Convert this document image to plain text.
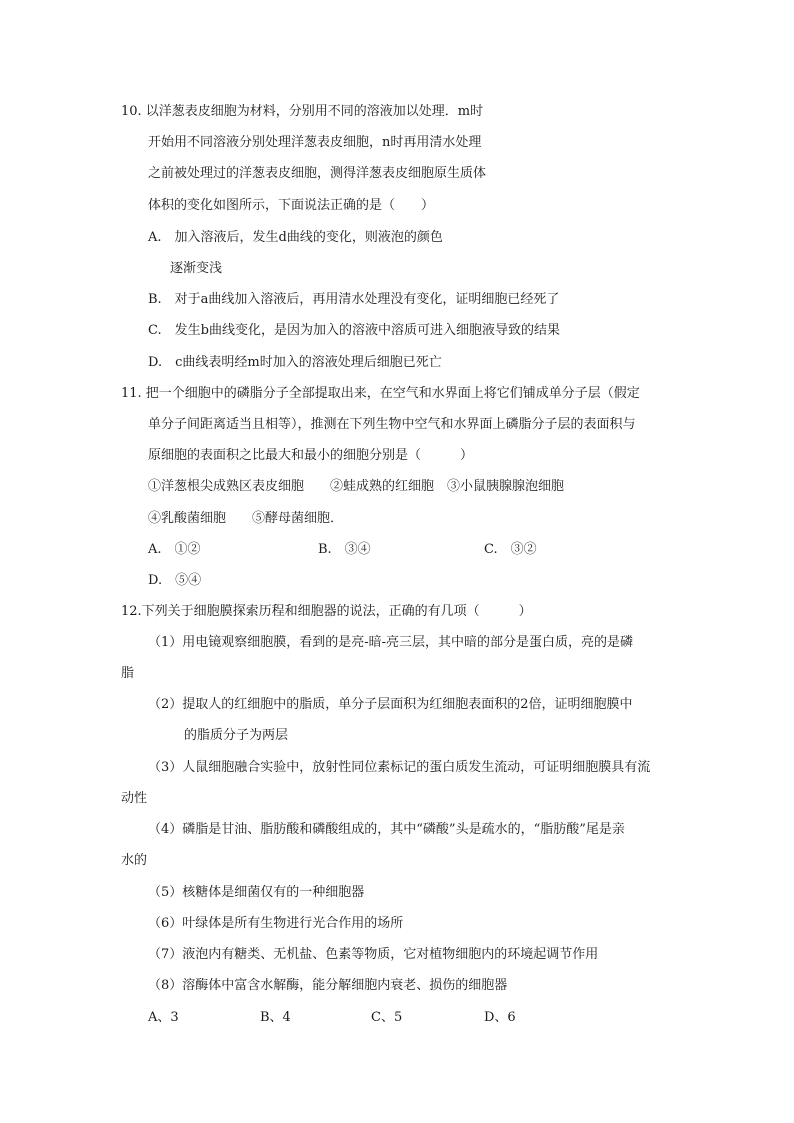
10. 以洋葱表皮细胞为材料，分别用不同的溶液加以处理．m时
开始用不同溶液分别处理洋葱表皮细胞，n时再用清水处理
之前被处理过的洋葱表皮细胞，测得洋葱表皮细胞原生质体
体积的变化如图所示，下面说法正确的是（　　）
A.　加入溶液后，发生d曲线的变化，则液泡的颜色
逐渐变浅
B.　对于a曲线加入溶液后，再用清水处理没有变化，证明细胞已经死了
C.　发生b曲线变化，是因为加入的溶液中溶质可进入细胞液导致的结果
D.　c曲线表明经m时加入的溶液处理后细胞已死亡
11. 把一个细胞中的磷脂分子全部提取出来，在空气和水界面上将它们铺成单分子层（假定
单分子间距离适当且相等），推测在下列生物中空气和水界面上磷脂分子层的表面积与
原细胞的表面积之比最大和最小的细胞分别是（　　　）
①洋葱根尖成熟区表皮细胞　　②蛙成熟的红细胞　③小鼠胰腺腺泡细胞
④乳酸菌细胞　　⑤酵母菌细胞．
A.　①②	B.　③④	C.　③②
D.　⑤④
12.下列关于细胞膜探索历程和细胞器的说法，正确的有几项（　　　）
（1）用电镜观察细胞膜，看到的是亮-暗-亮三层，其中暗的部分是蛋白质，亮的是磷
脂
（2）提取人的红细胞中的脂质，单分子层面积为红细胞表面积的2倍，证明细胞膜中
的脂质分子为两层
（3）人鼠细胞融合实验中，放射性同位素标记的蛋白质发生流动，可证明细胞膜具有流
动性
（4）磷脂是甘油、脂肪酸和磷酸组成的，其中“磷酸”头是疏水的，“脂肪酸”尾是亲
水的
（5）核糖体是细菌仅有的一种细胞器
（6）叶绿体是所有生物进行光合作用的场所
（7）液泡内有糖类、无机盐、色素等物质，它对植物细胞内的环境起调节作用
（8）溶酶体中富含水解酶，能分解细胞内衰老、损伤的细胞器
A、3	B、4	C、5	D、6
